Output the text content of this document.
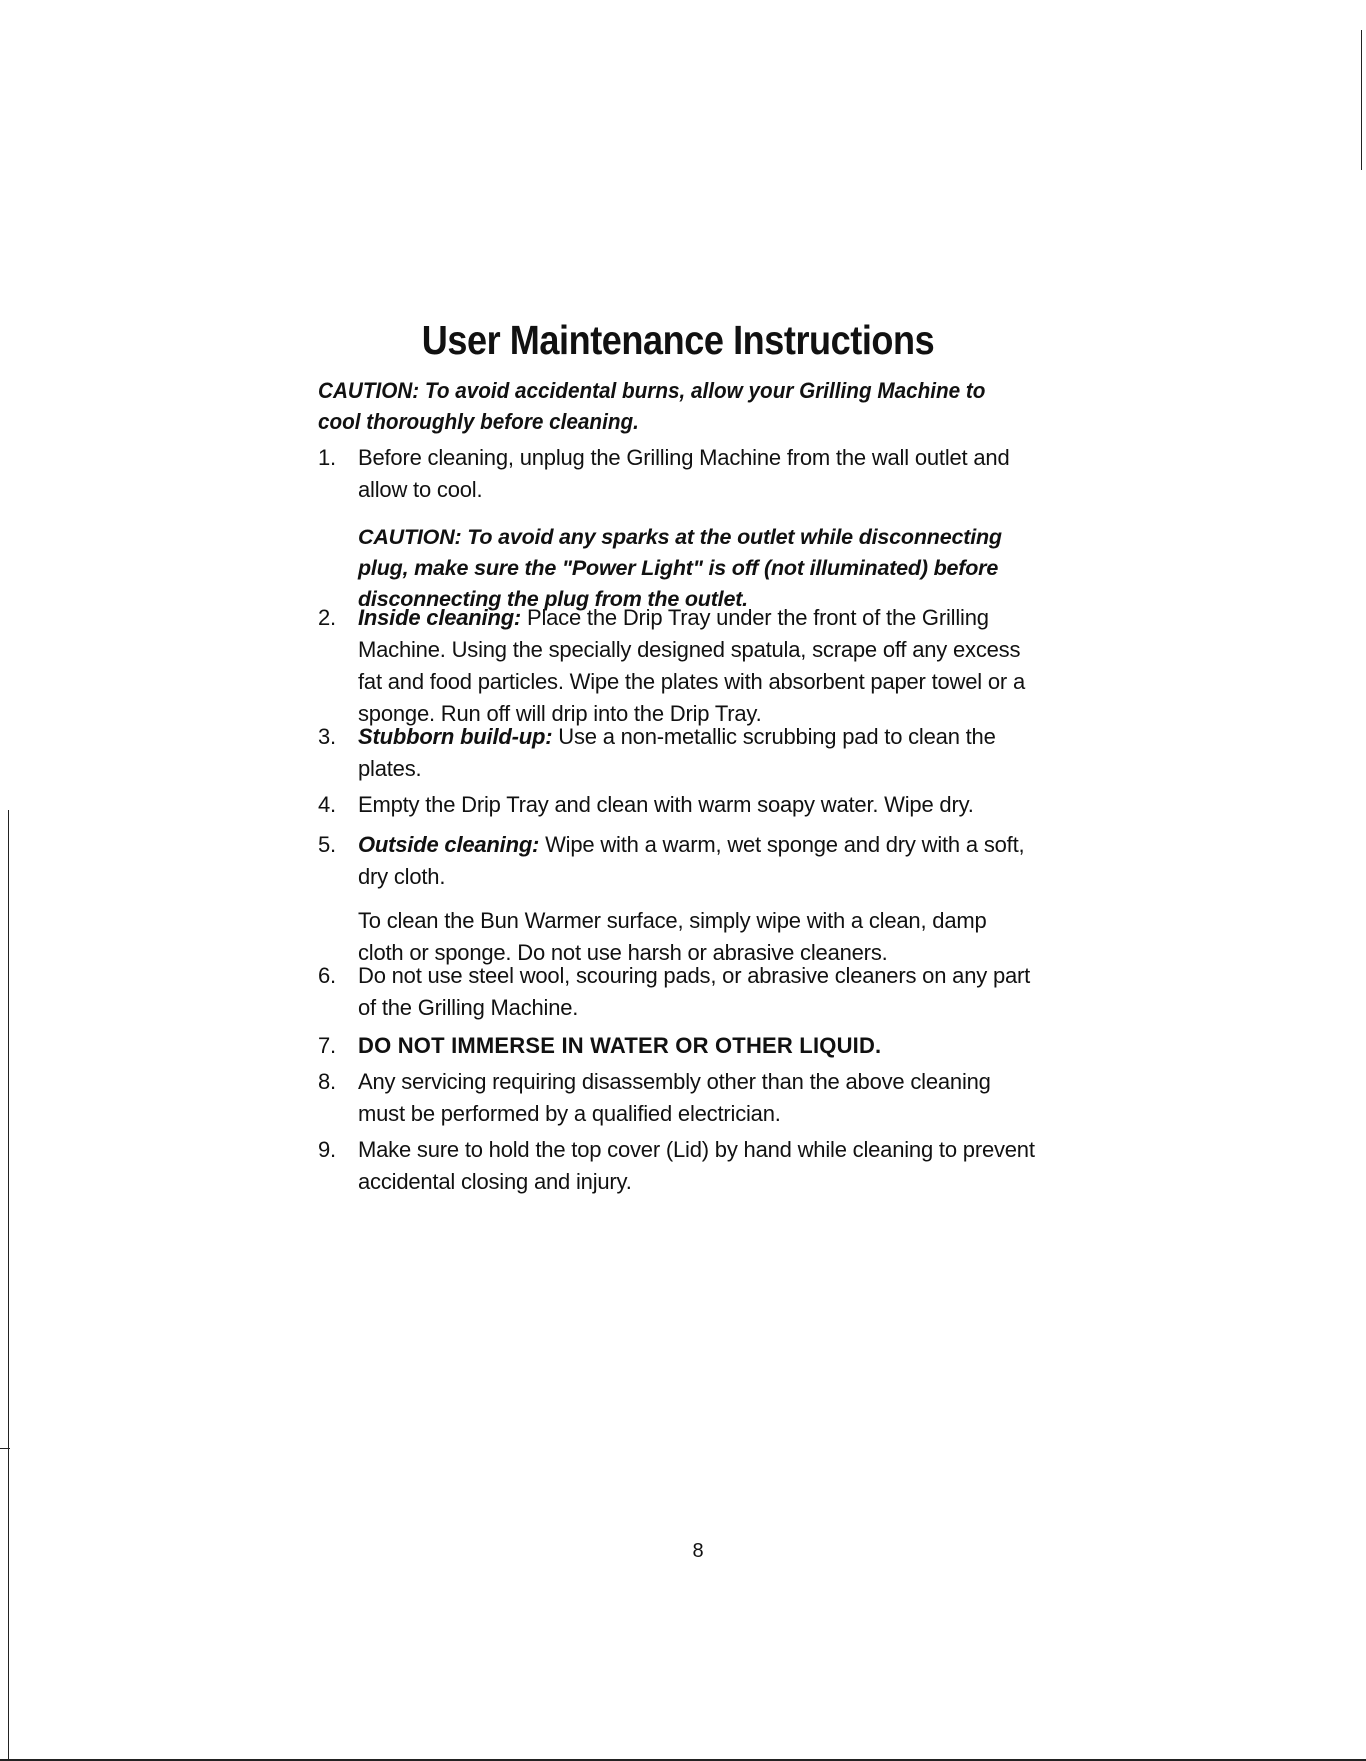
User Maintenance Instructions

CAUTION: To avoid accidental burns, allow your Grilling Machine to cool thoroughly before cleaning.

1.	Before cleaning, unplug the Grilling Machine from the wall outlet and allow to cool.

CAUTION: To avoid any sparks at the outlet while disconnecting plug, make sure the "Power Light" is off (not illuminated) before disconnecting the plug from the outlet.

2.	Inside cleaning: Place the Drip Tray under the front of the Grilling Machine. Using the specially designed spatula, scrape off any excess fat and food particles. Wipe the plates with absorbent paper towel or a sponge. Run off will drip into the Drip Tray.

3.	Stubborn build-up: Use a non-metallic scrubbing pad to clean the plates.

4.	Empty the Drip Tray and clean with warm soapy water. Wipe dry.

5.	Outside cleaning: Wipe with a warm, wet sponge and dry with a soft, dry cloth.

To clean the Bun Warmer surface, simply wipe with a clean, damp cloth or sponge. Do not use harsh or abrasive cleaners.

6.	Do not use steel wool, scouring pads, or abrasive cleaners on any part of the Grilling Machine.

7.	DO NOT IMMERSE IN WATER OR OTHER LIQUID.

8.	Any servicing requiring disassembly other than the above cleaning must be performed by a qualified electrician.

9.	Make sure to hold the top cover (Lid) by hand while cleaning to prevent accidental closing and injury.

8
